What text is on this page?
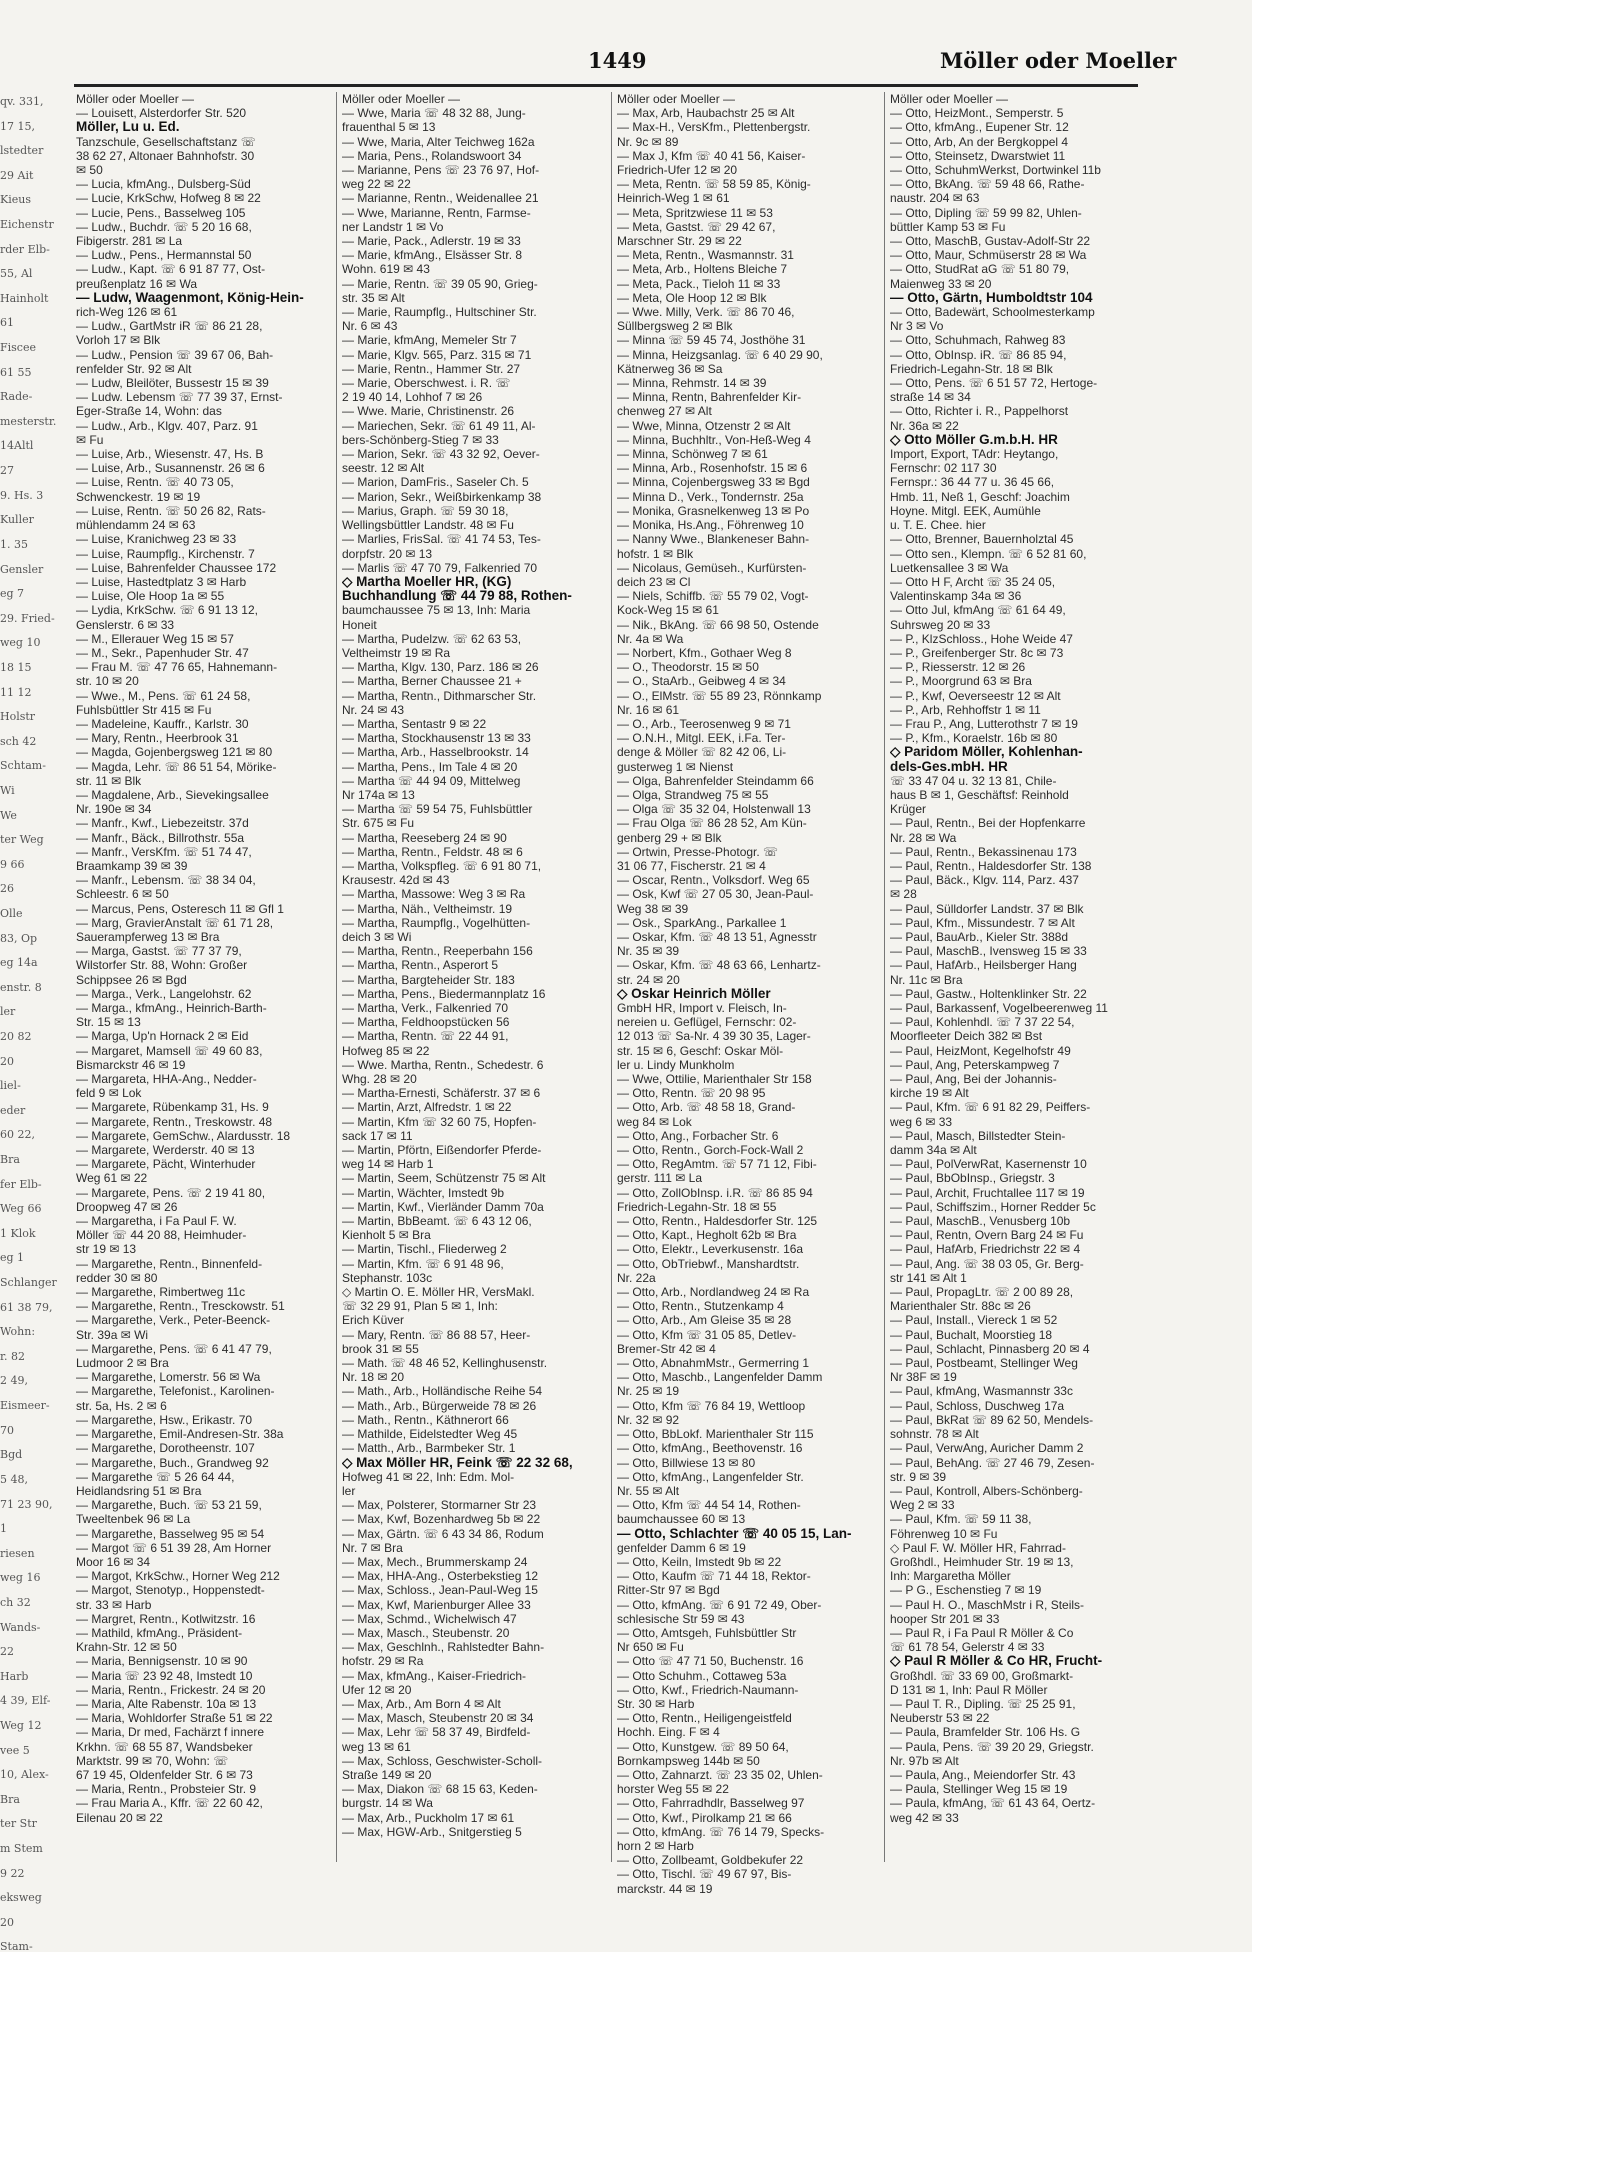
qv. 331,
17 15,
lstedter
29 Ait
Kieus
Eichenstr
rder Elb-
55, Al
Hainholt
61
Fiscee
61 55
Rade-
mesterstr.
14Altl
27
9. Hs. 3
Kuller
1. 35
Gensler
eg 7
29. Fried-
weg 10
18 15
11 12
Holstr
sch 42
Schtam-
Wi
We
ter Weg
9 66
26
Olle
83, Op
eg 14a
enstr. 8
ler
20 82
20
liel-
eder
60 22,
Bra
fer Elb-
Weg 66
1 Klok
eg 1
Schlanger
61 38 79,
Wohn:
r. 82
2 49,
Eismeer-
70
Bgd
5 48,
71 23 90,
1
riesen
weg 16
ch 32
Wands-
22
Harb
4 39, Elf-
Weg 12
vee 5
10, Alex-
Bra
ter Str
m Stem
9 22
eksweg
20
Stam-
1449	Möller oder Moeller
Möller oder Moeller —
— Louisett, Alsterdorfer Str. 520
Möller, Lu u. Ed.
Tanzschule, Gesellschaftstanz ☏
38 62 27, Altonaer Bahnhofstr. 30
✉ 50
— Lucia, kfmAng., Dulsberg-Süd
— Lucie, KrkSchw, Hofweg 8 ✉ 22
— Lucie, Pens., Basselweg 105
— Ludw., Buchdr. ☏ 5 20 16 68,
Fibigerstr. 281 ✉ La
— Ludw., Pens., Hermannstal 50
— Ludw., Kapt. ☏ 6 91 87 77, Ost-
preußenplatz 16 ✉ Wa
— Ludw, Waagenmont, König-Hein-
rich-Weg 126 ✉ 61
— Ludw., GartMstr iR ☏ 86 21 28,
Vorloh 17 ✉ Blk
— Ludw., Pension ☏ 39 67 06, Bah-
renfelder Str. 92 ✉ Alt
— Ludw, Bleilöter, Bussestr 15 ✉ 39
— Ludw. Lebensm ☏ 77 39 37, Ernst-
Eger-Straße 14, Wohn: das
— Ludw., Arb., Klgv. 407, Parz. 91
✉ Fu
— Luise, Arb., Wiesenstr. 47, Hs. B
— Luise, Arb., Susannenstr. 26 ✉ 6
— Luise, Rentn. ☏ 40 73 05,
Schwenckestr. 19 ✉ 19
— Luise, Rentn. ☏ 50 26 82, Rats-
mühlendamm 24 ✉ 63
— Luise, Kranichweg 23 ✉ 33
— Luise, Raumpflg., Kirchenstr. 7
— Luise, Bahrenfelder Chaussee 172
— Luise, Hastedtplatz 3 ✉ Harb
— Luise, Ole Hoop 1a ✉ 55
— Lydia, KrkSchw. ☏ 6 91 13 12,
Genslerstr. 6 ✉ 33
— M., Ellerauer Weg 15 ✉ 57
— M., Sekr., Papenhuder Str. 47
— Frau M. ☏ 47 76 65, Hahnemann-
str. 10 ✉ 20
— Wwe., M., Pens. ☏ 61 24 58,
Fuhlsbüttler Str 415 ✉ Fu
— Madeleine, Kauffr., Karlstr. 30
— Mary, Rentn., Heerbrook 31
— Magda, Gojenbergsweg 121 ✉ 80
— Magda, Lehr. ☏ 86 51 54, Mörike-
str. 11 ✉ Blk
— Magdalene, Arb., Sievekingsallee
Nr. 190e ✉ 34
— Manfr., Kwf., Liebezeitstr. 37d
— Manfr., Bäck., Billrothstr. 55a
— Manfr., VersKfm. ☏ 51 74 47,
Braamkamp 39 ✉ 39
— Manfr., Lebensm. ☏ 38 34 04,
Schleestr. 6 ✉ 50
— Marcus, Pens, Osteresch 11 ✉ Gfl 1
— Marg, GravierAnstalt ☏ 61 71 28,
Sauerampferweg 13 ✉ Bra
— Marga, Gastst. ☏ 77 37 79,
Wilstorfer Str. 88, Wohn: Großer
Schippsee 26 ✉ Bgd
— Marga., Verk., Langelohstr. 62
— Marga., kfmAng., Heinrich-Barth-
Str. 15 ✉ 13
— Marga, Up'n Hornack 2 ✉ Eid
— Margaret, Mamsell ☏ 49 60 83,
Bismarckstr 46 ✉ 19
— Margareta, HHA-Ang., Nedder-
feld 9 ✉ Lok
— Margarete, Rübenkamp 31, Hs. 9
— Margarete, Rentn., Treskowstr. 48
— Margarete, GemSchw., Alardusstr. 18
— Margarete, Werderstr. 40 ✉ 13
— Margarete, Pächt, Winterhuder
Weg 61 ✉ 22
— Margarete, Pens. ☏ 2 19 41 80,
Droopweg 47 ✉ 26
— Margaretha, i Fa Paul F. W.
Möller ☏ 44 20 88, Heimhuder-
str 19 ✉ 13
— Margarethe, Rentn., Binnenfeld-
redder 30 ✉ 80
— Margarethe, Rimbertweg 11c
— Margarethe, Rentn., Tresckowstr. 51
— Margarethe, Verk., Peter-Beenck-
Str. 39a ✉ Wi
— Margarethe, Pens. ☏ 6 41 47 79,
Ludmoor 2 ✉ Bra
— Margarethe, Lomerstr. 56 ✉ Wa
— Margarethe, Telefonist., Karolinen-
str. 5a, Hs. 2 ✉ 6
— Margarethe, Hsw., Erikastr. 70
— Margarethe, Emil-Andresen-Str. 38a
— Margarethe, Dorotheenstr. 107
— Margarethe, Buch., Grandweg 92
— Margarethe ☏ 5 26 64 44,
Heidlandsring 51 ✉ Bra
— Margarethe, Buch. ☏ 53 21 59,
Tweeltenbek 96 ✉ La
— Margarethe, Basselweg 95 ✉ 54
— Margot ☏ 6 51 39 28, Am Horner
Moor 16 ✉ 34
— Margot, KrkSchw., Horner Weg 212
— Margot, Stenotyp., Hoppenstedt-
str. 33 ✉ Harb
— Margret, Rentn., Kotlwitzstr. 16
— Mathild, kfmAng., Präsident-
Krahn-Str. 12 ✉ 50
— Maria, Bennigsenstr. 10 ✉ 90
— Maria ☏ 23 92 48, Imstedt 10
— Maria, Rentn., Frickestr. 24 ✉ 20
— Maria, Alte Rabenstr. 10a ✉ 13
— Maria, Wohldorfer Straße 51 ✉ 22
— Maria, Dr med, Fachärzt f innere
Krkhn. ☏ 68 55 87, Wandsbeker
Marktstr. 99 ✉ 70, Wohn: ☏
67 19 45, Oldenfelder Str. 6 ✉ 73
— Maria, Rentn., Probsteier Str. 9
— Frau Maria A., Kffr. ☏ 22 60 42,
Eilenau 20 ✉ 22
Möller oder Moeller —
— Wwe, Maria ☏ 48 32 88, Jung-
frauenthal 5 ✉ 13
— Wwe, Maria, Alter Teichweg 162a
— Maria, Pens., Rolandswoort 34
— Marianne, Pens ☏ 23 76 97, Hof-
weg 22 ✉ 22
— Marianne, Rentn., Weidenallee 21
— Wwe, Marianne, Rentn, Farmse-
ner Landstr 1 ✉ Vo
— Marie, Pack., Adlerstr. 19 ✉ 33
— Marie, kfmAng., Elsässer Str. 8
Wohn. 619 ✉ 43
— Marie, Rentn. ☏ 39 05 90, Grieg-
str. 35 ✉ Alt
— Marie, Raumpflg., Hultschiner Str.
Nr. 6 ✉ 43
— Marie, kfmAng, Memeler Str 7
— Marie, Klgv. 565, Parz. 315 ✉ 71
— Marie, Rentn., Hammer Str. 27
— Marie, Oberschwest. i. R. ☏
2 19 40 14, Lohhof 7 ✉ 26
— Wwe. Marie, Christinenstr. 26
— Mariechen, Sekr. ☏ 61 49 11, Al-
bers-Schönberg-Stieg 7 ✉ 33
— Marion, Sekr. ☏ 43 32 92, Oever-
seestr. 12 ✉ Alt
— Marion, DamFris., Saseler Ch. 5
— Marion, Sekr., Weißbirkenkamp 38
— Marius, Graph. ☏ 59 30 18,
Wellingsbüttler Landstr. 48 ✉ Fu
— Marlies, FrisSal. ☏ 41 74 53, Tes-
dorpfstr. 20 ✉ 13
— Marlis ☏ 47 70 79, Falkenried 70
◇ Martha Moeller HR, (KG)
Buchhandlung ☏ 44 79 88, Rothen-
baumchaussee 75 ✉ 13, Inh: Maria
Honeit
— Martha, Pudelzw. ☏ 62 63 53,
Veltheimstr 19 ✉ Ra
— Martha, Klgv. 130, Parz. 186 ✉ 26
— Martha, Berner Chaussee 21 +
— Martha, Rentn., Dithmarscher Str.
Nr. 24 ✉ 43
— Martha, Sentastr 9 ✉ 22
— Martha, Stockhausenstr 13 ✉ 33
— Martha, Arb., Hasselbrookstr. 14
— Martha, Pens., Im Tale 4 ✉ 20
— Martha ☏ 44 94 09, Mittelweg
Nr 174a ✉ 13
— Martha ☏ 59 54 75, Fuhlsbüttler
Str. 675 ✉ Fu
— Martha, Reeseberg 24 ✉ 90
— Martha, Rentn., Feldstr. 48 ✉ 6
— Martha, Volkspfleg. ☏ 6 91 80 71,
Krausestr. 42d ✉ 43
— Martha, Massowe: Weg 3 ✉ Ra
— Martha, Näh., Veltheimstr. 19
— Martha, Raumpflg., Vogelhütten-
deich 3 ✉ Wi
— Martha, Rentn., Reeperbahn 156
— Martha, Rentn., Asperort 5
— Martha, Bargteheider Str. 183
— Martha, Pens., Biedermannplatz 16
— Martha, Verk., Falkenried 70
— Martha, Feldhoopstücken 56
— Martha, Rentn. ☏ 22 44 91,
Hofweg 85 ✉ 22
— Wwe. Martha, Rentn., Schedestr. 6
Whg. 28 ✉ 20
— Martha-Ernesti, Schäferstr. 37 ✉ 6
— Martin, Arzt, Alfredstr. 1 ✉ 22
— Martin, Kfm ☏ 32 60 75, Hopfen-
sack 17 ✉ 11
— Martin, Pförtn, Eißendorfer Pferde-
weg 14 ✉ Harb 1
— Martin, Seem, Schützenstr 75 ✉ Alt
— Martin, Wächter, Imstedt 9b
— Martin, Kwf., Vierländer Damm 70a
— Martin, BbBeamt. ☏ 6 43 12 06,
Kienholt 5 ✉ Bra
— Martin, Tischl., Fliederweg 2
— Martin, Kfm. ☏ 6 91 48 96,
Stephanstr. 103c
◇ Martin O. E. Möller HR, VersMakl.
☏ 32 29 91, Plan 5 ✉ 1, Inh:
Erich Küver
— Mary, Rentn. ☏ 86 88 57, Heer-
brook 31 ✉ 55
— Math. ☏ 48 46 52, Kellinghusenstr.
Nr. 18 ✉ 20
— Math., Arb., Holländische Reihe 54
— Math., Arb., Bürgerweide 78 ✉ 26
— Math., Rentn., Käthnerort 66
— Mathilde, Eidelstedter Weg 45
— Matth., Arb., Barmbeker Str. 1
◇ Max Möller HR, Feink ☏ 22 32 68,
Hofweg 41 ✉ 22, Inh: Edm. Mol-
ler
— Max, Polsterer, Stormarner Str 23
— Max, Kwf, Bozenhardweg 5b ✉ 22
— Max, Gärtn. ☏ 6 43 34 86, Rodum
Nr. 7 ✉ Bra
— Max, Mech., Brummerskamp 24
— Max, HHA-Ang., Osterbekstieg 12
— Max, Schloss., Jean-Paul-Weg 15
— Max, Kwf, Marienburger Allee 33
— Max, Schmd., Wichelwisch 47
— Max, Masch., Steubenstr. 20
— Max, Geschlnh., Rahlstedter Bahn-
hofstr. 29 ✉ Ra
— Max, kfmAng., Kaiser-Friedrich-
Ufer 12 ✉ 20
— Max, Arb., Am Born 4 ✉ Alt
— Max, Masch, Steubenstr 20 ✉ 34
— Max, Lehr ☏ 58 37 49, Birdfeld-
weg 13 ✉ 61
— Max, Schloss, Geschwister-Scholl-
Straße 149 ✉ 20
— Max, Diakon ☏ 68 15 63, Keden-
burgstr. 14 ✉ Wa
— Max, Arb., Puckholm 17 ✉ 61
— Max, HGW-Arb., Snitgerstieg 5
Möller oder Moeller —
— Max, Arb, Haubachstr 25 ✉ Alt
— Max-H., VersKfm., Plettenbergstr.
Nr. 9c ✉ 89
— Max J, Kfm ☏ 40 41 56, Kaiser-
Friedrich-Ufer 12 ✉ 20
— Meta, Rentn. ☏ 58 59 85, König-
Heinrich-Weg 1 ✉ 61
— Meta, Spritzwiese 11 ✉ 53
— Meta, Gastst. ☏ 29 42 67,
Marschner Str. 29 ✉ 22
— Meta, Rentn., Wasmannstr. 31
— Meta, Arb., Holtens Bleiche 7
— Meta, Pack., Tieloh 11 ✉ 33
— Meta, Ole Hoop 12 ✉ Blk
— Wwe. Milly, Verk. ☏ 86 70 46,
Süllbergsweg 2 ✉ Blk
— Minna ☏ 59 45 74, Josthöhe 31
— Minna, Heizgsanlag. ☏ 6 40 29 90,
Kätnerweg 36 ✉ Sa
— Minna, Rehmstr. 14 ✉ 39
— Minna, Rentn, Bahrenfelder Kir-
chenweg 27 ✉ Alt
— Wwe, Minna, Otzenstr 2 ✉ Alt
— Minna, Buchhltr., Von-Heß-Weg 4
— Minna, Schönweg 7 ✉ 61
— Minna, Arb., Rosenhofstr. 15 ✉ 6
— Minna, Cojenbergsweg 33 ✉ Bgd
— Minna D., Verk., Tondernstr. 25a
— Monika, Grasnelkenweg 13 ✉ Po
— Monika, Hs.Ang., Föhrenweg 10
— Nanny Wwe., Blankeneser Bahn-
hofstr. 1 ✉ Blk
— Nicolaus, Gemüseh., Kurfürsten-
deich 23 ✉ Cl
— Niels, Schiffb. ☏ 55 79 02, Vogt-
Kock-Weg 15 ✉ 61
— Nik., BkAng. ☏ 66 98 50, Ostende
Nr. 4a ✉ Wa
— Norbert, Kfm., Gothaer Weg 8
— O., Theodorstr. 15 ✉ 50
— O., StaArb., Geibweg 4 ✉ 34
— O., ElMstr. ☏ 55 89 23, Rönnkamp
Nr. 16 ✉ 61
— O., Arb., Teerosenweg 9 ✉ 71
— O.N.H., Mitgl. EEK, i.Fa. Ter-
denge & Möller ☏ 82 42 06, Li-
gusterweg 1 ✉ Nienst
— Olga, Bahrenfelder Steindamm 66
— Olga, Strandweg 75 ✉ 55
— Olga ☏ 35 32 04, Holstenwall 13
— Frau Olga ☏ 86 28 52, Am Kün-
genberg 29 + ✉ Blk
— Ortwin, Presse-Photogr. ☏
31 06 77, Fischerstr. 21 ✉ 4
— Oscar, Rentn., Volksdorf. Weg 65
— Osk, Kwf ☏ 27 05 30, Jean-Paul-
Weg 38 ✉ 39
— Osk., SparkAng., Parkallee 1
— Oskar, Kfm. ☏ 48 13 51, Agnesstr
Nr. 35 ✉ 39
— Oskar, Kfm. ☏ 48 63 66, Lenhartz-
str. 24 ✉ 20
◇ Oskar Heinrich Möller
GmbH HR, Import v. Fleisch, In-
nereien u. Geflügel, Fernschr: 02-
12 013 ☏ Sa-Nr. 4 39 30 35, Lager-
str. 15 ✉ 6, Geschf: Oskar Möl-
ler u. Lindy Munkholm
— Wwe, Ottilie, Marienthaler Str 158
— Otto, Rentn. ☏ 20 98 95
— Otto, Arb. ☏ 48 58 18, Grand-
weg 84 ✉ Lok
— Otto, Ang., Forbacher Str. 6
— Otto, Rentn., Gorch-Fock-Wall 2
— Otto, RegAmtm. ☏ 57 71 12, Fibi-
gerstr. 111 ✉ La
— Otto, ZollObInsp. i.R. ☏ 86 85 94
Friedrich-Legahn-Str. 18 ✉ 55
— Otto, Rentn., Haldesdorfer Str. 125
— Otto, Kapt., Hegholt 62b ✉ Bra
— Otto, Elektr., Leverkusenstr. 16a
— Otto, ObTriebwf., Manshardtstr.
Nr. 22a
— Otto, Arb., Nordlandweg 24 ✉ Ra
— Otto, Rentn., Stutzenkamp 4
— Otto, Arb., Am Gleise 35 ✉ 28
— Otto, Kfm ☏ 31 05 85, Detlev-
Bremer-Str 42 ✉ 4
— Otto, AbnahmMstr., Germerring 1
— Otto, Maschb., Langenfelder Damm
Nr. 25 ✉ 19
— Otto, Kfm ☏ 76 84 19, Wettloop
Nr. 32 ✉ 92
— Otto, BbLokf. Marienthaler Str 115
— Otto, kfmAng., Beethovenstr. 16
— Otto, Billwiese 13 ✉ 80
— Otto, kfmAng., Langenfelder Str.
Nr. 55 ✉ Alt
— Otto, Kfm ☏ 44 54 14, Rothen-
baumchaussee 60 ✉ 13
— Otto, Schlachter ☏ 40 05 15, Lan-
genfelder Damm 6 ✉ 19
— Otto, Keiln, Imstedt 9b ✉ 22
— Otto, Kaufm ☏ 71 44 18, Rektor-
Ritter-Str 97 ✉ Bgd
— Otto, kfmAng. ☏ 6 91 72 49, Ober-
schlesische Str 59 ✉ 43
— Otto, Amtsgeh, Fuhlsbüttler Str
Nr 650 ✉ Fu
— Otto ☏ 47 71 50, Buchenstr. 16
— Otto Schuhm., Cottaweg 53a
— Otto, Kwf., Friedrich-Naumann-
Str. 30 ✉ Harb
— Otto, Rentn., Heiligengeistfeld
Hochh. Eing. F ✉ 4
— Otto, Kunstgew. ☏ 89 50 64,
Bornkampsweg 144b ✉ 50
— Otto, Zahnarzt. ☏ 23 35 02, Uhlen-
horster Weg 55 ✉ 22
— Otto, Fahrradhdlr, Basselweg 97
— Otto, Kwf., Pirolkamp 21 ✉ 66
— Otto, kfmAng. ☏ 76 14 79, Specks-
horn 2 ✉ Harb
— Otto, Zollbeamt, Goldbekufer 22
— Otto, Tischl. ☏ 49 67 97, Bis-
marckstr. 44 ✉ 19
Möller oder Moeller —
— Otto, HeizMont., Semperstr. 5
— Otto, kfmAng., Eupener Str. 12
— Otto, Arb, An der Bergkoppel 4
— Otto, Steinsetz, Dwarstwiet 11
— Otto, SchuhmWerkst, Dortwinkel 11b
— Otto, BkAng. ☏ 59 48 66, Rathe-
naustr. 204 ✉ 63
— Otto, Dipling ☏ 59 99 82, Uhlen-
büttler Kamp 53 ✉ Fu
— Otto, MaschB, Gustav-Adolf-Str 22
— Otto, Maur, Schmüserstr 28 ✉ Wa
— Otto, StudRat aG ☏ 51 80 79,
Maienweg 33 ✉ 20
— Otto, Gärtn, Humboldtstr 104
— Otto, Badewärt, Schoolmesterkamp
Nr 3 ✉ Vo
— Otto, Schuhmach, Rahweg 83
— Otto, ObInsp. iR. ☏ 86 85 94,
Friedrich-Legahn-Str. 18 ✉ Blk
— Otto, Pens. ☏ 6 51 57 72, Hertoge-
straße 14 ✉ 34
— Otto, Richter i. R., Pappelhorst
Nr. 36a ✉ 22
◇ Otto Möller G.m.b.H. HR
Import, Export, TAdr: Heytango,
Fernschr: 02 117 30
Fernspr.: 36 44 77 u. 36 45 66,
Hmb. 11, Neß 1, Geschf: Joachim
Hoyne. Mitgl. EEK, Aumühle
u. T. E. Chee. hier
— Otto, Brenner, Bauernholztal 45
— Otto sen., Klempn. ☏ 6 52 81 60,
Luetkensallee 3 ✉ Wa
— Otto H F, Archt ☏ 35 24 05,
Valentinskamp 34a ✉ 36
— Otto Jul, kfmAng ☏ 61 64 49,
Suhrsweg 20 ✉ 33
— P., KlzSchloss., Hohe Weide 47
— P., Greifenberger Str. 8c ✉ 73
— P., Riesserstr. 12 ✉ 26
— P., Moorgrund 63 ✉ Bra
— P., Kwf, Oeverseestr 12 ✉ Alt
— P., Arb, Rehhoffstr 1 ✉ 11
— Frau P., Ang, Lutterothstr 7 ✉ 19
— P., Kfm., Koraelstr. 16b ✉ 80
◇ Paridom Möller, Kohlenhan-
dels-Ges.mbH. HR
☏ 33 47 04 u. 32 13 81, Chile-
haus B ✉ 1, Geschäftsf: Reinhold
Krüger
— Paul, Rentn., Bei der Hopfenkarre
Nr. 28 ✉ Wa
— Paul, Rentn., Bekassinenau 173
— Paul, Rentn., Haldesdorfer Str. 138
— Paul, Bäck., Klgv. 114, Parz. 437
✉ 28
— Paul, Sülldorfer Landstr. 37 ✉ Blk
— Paul, Kfm., Missundestr. 7 ✉ Alt
— Paul, BauArb., Kieler Str. 388d
— Paul, MaschB., Ivensweg 15 ✉ 33
— Paul, HafArb., Heilsberger Hang
Nr. 11c ✉ Bra
— Paul, Gastw., Holtenklinker Str. 22
— Paul, Barkassenf, Vogelbeerenweg 11
— Paul, Kohlenhdl. ☏ 7 37 22 54,
Moorfleeter Deich 382 ✉ Bst
— Paul, HeizMont, Kegelhofstr 49
— Paul, Ang, Peterskampweg 7
— Paul, Ang, Bei der Johannis-
kirche 19 ✉ Alt
— Paul, Kfm. ☏ 6 91 82 29, Peiffers-
weg 6 ✉ 33
— Paul, Masch, Billstedter Stein-
damm 34a ✉ Alt
— Paul, PolVerwRat, Kasernenstr 10
— Paul, BbObInsp., Griegstr. 3
— Paul, Archit, Fruchtallee 117 ✉ 19
— Paul, Schiffszim., Horner Redder 5c
— Paul, MaschB., Venusberg 10b
— Paul, Rentn, Overn Barg 24 ✉ Fu
— Paul, HafArb, Friedrichstr 22 ✉ 4
— Paul, Ang. ☏ 38 03 05, Gr. Berg-
str 141 ✉ Alt 1
— Paul, PropagLtr. ☏ 2 00 89 28,
Marienthaler Str. 88c ✉ 26
— Paul, Install., Viereck 1 ✉ 52
— Paul, Buchalt, Moorstieg 18
— Paul, Schlacht, Pinnasberg 20 ✉ 4
— Paul, Postbeamt, Stellinger Weg
Nr 38F ✉ 19
— Paul, kfmAng, Wasmannstr 33c
— Paul, Schloss, Duschweg 17a
— Paul, BkRat ☏ 89 62 50, Mendels-
sohnstr. 78 ✉ Alt
— Paul, VerwAng, Auricher Damm 2
— Paul, BehAng. ☏ 27 46 79, Zesen-
str. 9 ✉ 39
— Paul, Kontroll, Albers-Schönberg-
Weg 2 ✉ 33
— Paul, Kfm. ☏ 59 11 38,
Föhrenweg 10 ✉ Fu
◇ Paul F. W. Möller HR, Fahrrad-
Großhdl., Heimhuder Str. 19 ✉ 13,
Inh: Margaretha Möller
— P G., Eschenstieg 7 ✉ 19
— Paul H. O., MaschMstr i R, Steils-
hooper Str 201 ✉ 33
— Paul R, i Fa Paul R Möller & Co
☏ 61 78 54, Gelerstr 4 ✉ 33
◇ Paul R Möller & Co HR, Frucht-
Großhdl. ☏ 33 69 00, Großmarkt-
D 131 ✉ 1, Inh: Paul R Möller
— Paul T. R., Dipling. ☏ 25 25 91,
Neuberstr 53 ✉ 22
— Paula, Bramfelder Str. 106 Hs. G
— Paula, Pens. ☏ 39 20 29, Griegstr.
Nr. 97b ✉ Alt
— Paula, Ang., Meiendorfer Str. 43
— Paula, Stellinger Weg 15 ✉ 19
— Paula, kfmAng, ☏ 61 43 64, Oertz-
weg 42 ✉ 33
